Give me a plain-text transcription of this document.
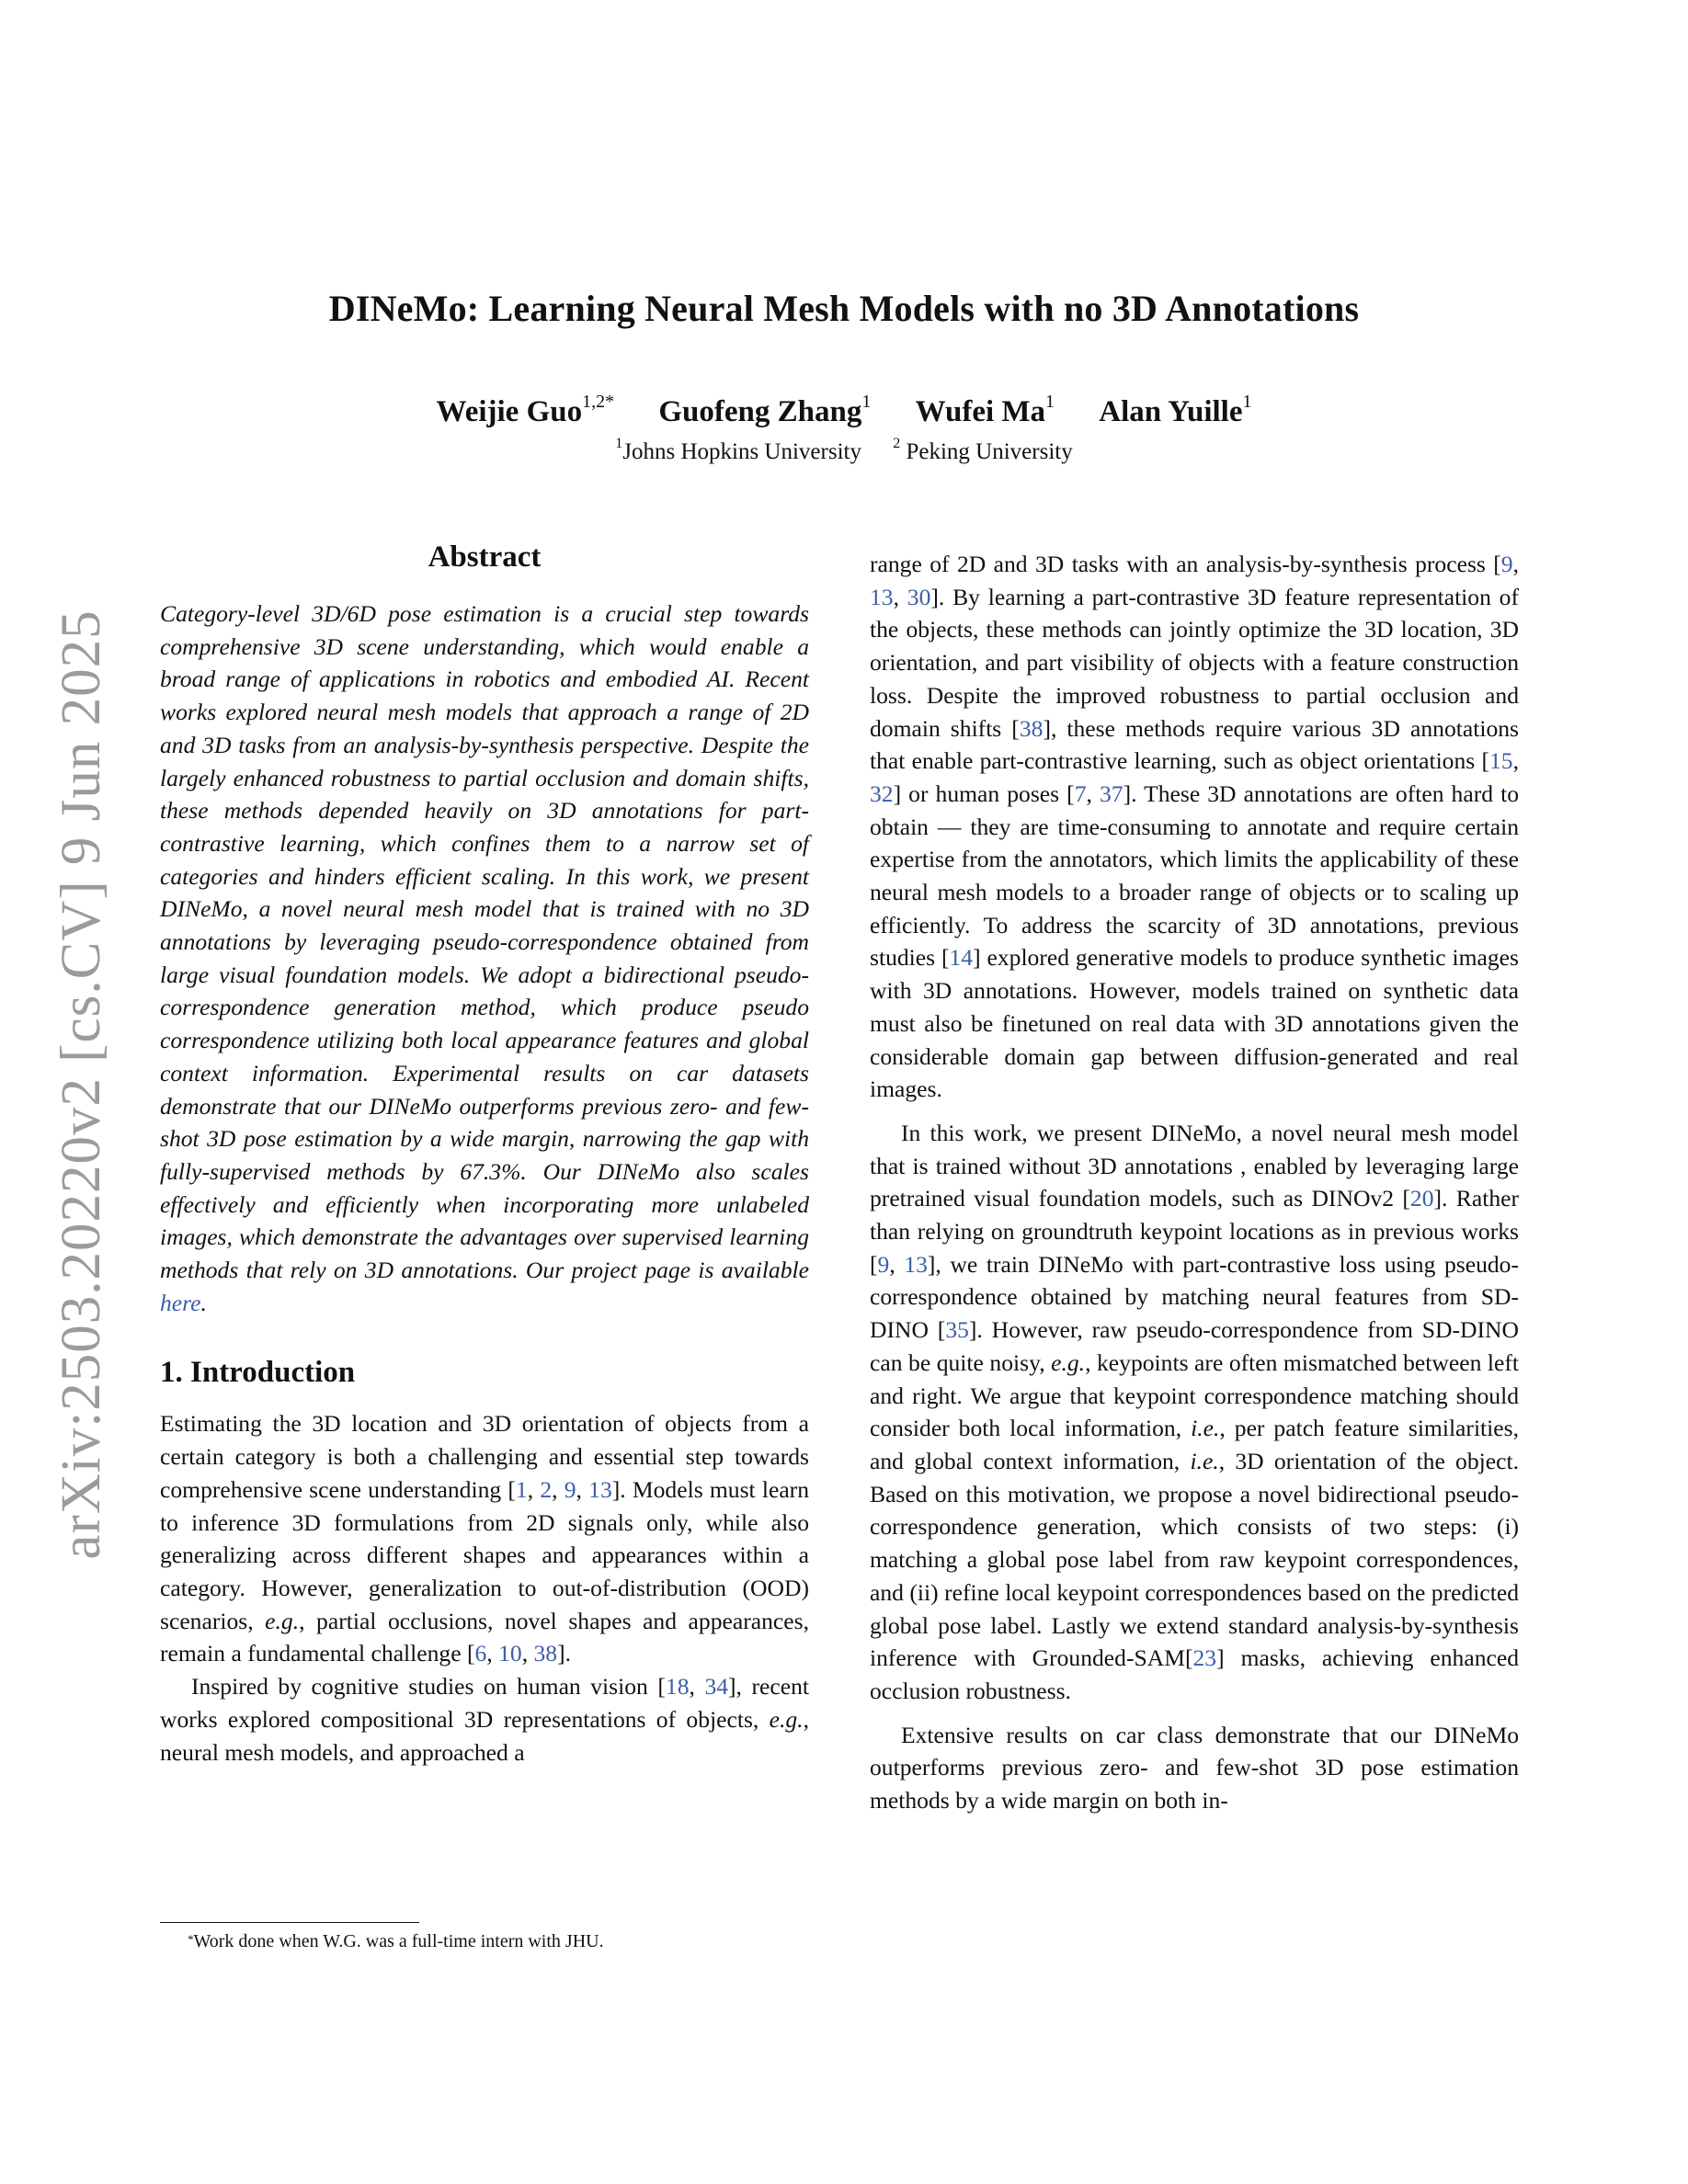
arXiv:2503.20220v2 [cs.CV] 9 Jun 2025
DINeMo: Learning Neural Mesh Models with no 3D Annotations
Weijie Guo$^{1,2*}$ Guofeng Zhang$^1$ Wufei Ma$^1$ Alan Yuille$^1$
$^1$Johns Hopkins University $^2$ Peking University
Abstract

Category-level 3D/6D pose estimation is a crucial step towards comprehensive 3D scene understanding, which would enable a broad range of applications in robotics and embodied AI. Recent works explored neural mesh models that approach a range of 2D and 3D tasks from an analysis-by-synthesis perspective. Despite the largely enhanced robustness to partial occlusion and domain shifts, these methods depended heavily on 3D annotations for part-contrastive learning, which confines them to a narrow set of categories and hinders efficient scaling. In this work, we present DINeMo, a novel neural mesh model that is trained with no 3D annotations by leveraging pseudo-correspondence obtained from large visual foundation models. We adopt a bidirectional pseudo-correspondence generation method, which produce pseudo correspondence utilizing both local appearance features and global context information. Experimental results on car datasets demonstrate that our DINeMo outperforms previous zero- and few-shot 3D pose estimation by a wide margin, narrowing the gap with fully-supervised methods by 67.3%. Our DINeMo also scales effectively and efficiently when incorporating more unlabeled images, which demonstrate the advantages over supervised learning methods that rely on 3D annotations. Our project page is available here.

1. Introduction

Estimating the 3D location and 3D orientation of objects from a certain category is both a challenging and essential step towards comprehensive scene understanding [1, 2, 9, 13]. Models must learn to inference 3D formulations from 2D signals only, while also generalizing across different shapes and appearances within a category. However, generalization to out-of-distribution (OOD) scenarios, e.g., partial occlusions, novel shapes and appearances, remain a fundamental challenge [6, 10, 38].

Inspired by cognitive studies on human vision [18, 34], recent works explored compositional 3D representations of objects, e.g., neural mesh models, and approached a

*Work done when W.G. was a full-time intern with JHU.

range of 2D and 3D tasks with an analysis-by-synthesis process [9, 13, 30]. By learning a part-contrastive 3D feature representation of the objects, these methods can jointly optimize the 3D location, 3D orientation, and part visibility of objects with a feature construction loss. Despite the improved robustness to partial occlusion and domain shifts [38], these methods require various 3D annotations that enable part-contrastive learning, such as object orientations [15, 32] or human poses [7, 37]. These 3D annotations are often hard to obtain — they are time-consuming to annotate and require certain expertise from the annotators, which limits the applicability of these neural mesh models to a broader range of objects or to scaling up efficiently. To address the scarcity of 3D annotations, previous studies [14] explored generative models to produce synthetic images with 3D annotations. However, models trained on synthetic data must also be finetuned on real data with 3D annotations given the considerable domain gap between diffusion-generated and real images.

In this work, we present DINeMo, a novel neural mesh model that is trained without 3D annotations , enabled by leveraging large pretrained visual foundation models, such as DINOv2 [20]. Rather than relying on groundtruth keypoint locations as in previous works [9, 13], we train DINeMo with part-contrastive loss using pseudo-correspondence obtained by matching neural features from SD-DINO [35]. However, raw pseudo-correspondence from SD-DINO can be quite noisy, e.g., keypoints are often mismatched between left and right. We argue that keypoint correspondence matching should consider both local information, i.e., per patch feature similarities, and global context information, i.e., 3D orientation of the object. Based on this motivation, we propose a novel bidirectional pseudo-correspondence generation, which consists of two steps: (i) matching a global pose label from raw keypoint correspondences, and (ii) refine local keypoint correspondences based on the predicted global pose label. Lastly we extend standard analysis-by-synthesis inference with Grounded-SAM[23] masks, achieving enhanced occlusion robustness.

Extensive results on car class demonstrate that our DINeMo outperforms previous zero- and few-shot 3D pose estimation methods by a wide margin on both in-
